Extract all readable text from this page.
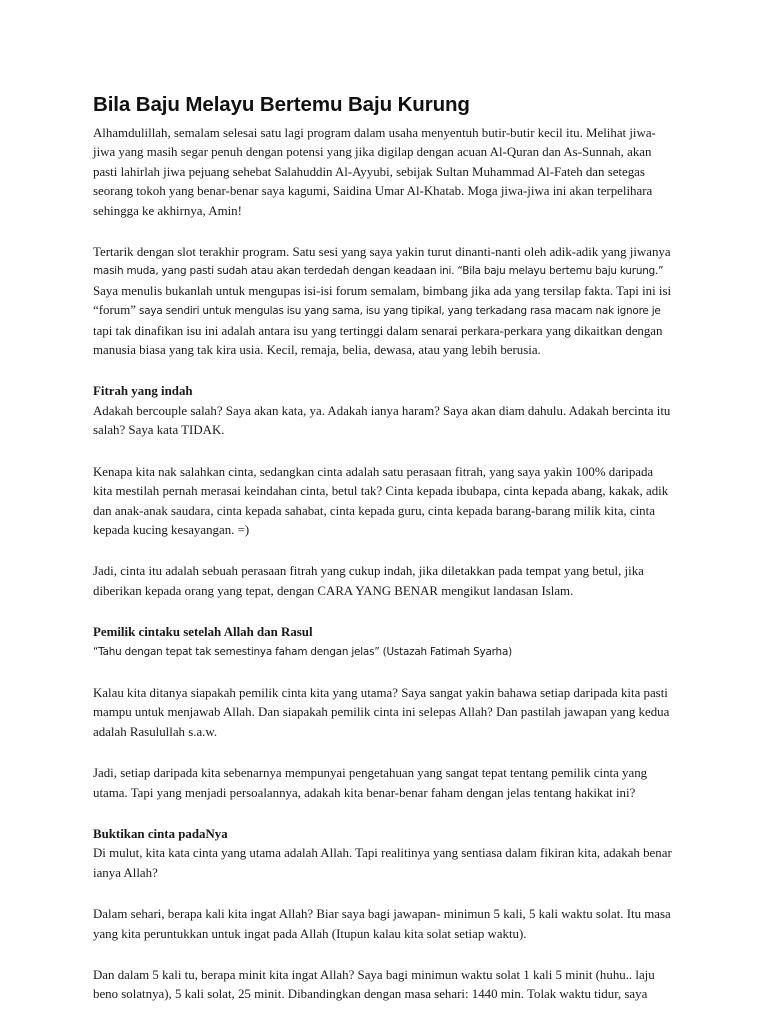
Bila Baju Melayu Bertemu Baju Kurung
Alhamdulillah, semalam selesai satu lagi program dalam usaha menyentuh butir-butir kecil itu. Melihat jiwa-
jiwa yang masih segar penuh dengan potensi yang jika digilap dengan acuan Al-Quran dan As-Sunnah, akan
pasti lahirlah jiwa pejuang sehebat Salahuddin Al-Ayyubi, sebijak Sultan Muhammad Al-Fateh dan setegas
seorang tokoh yang benar-benar saya kagumi, Saidina Umar Al-Khatab. Moga jiwa-jiwa ini akan terpelihara
sehingga ke akhirnya, Amin!
Tertarik dengan slot terakhir program. Satu sesi yang saya yakin turut dinanti-nanti oleh adik-adik yang jiwanya
masih muda, yang pasti sudah atau akan terdedah dengan keadaan ini. “Bila baju melayu bertemu baju kurung.”
Saya menulis bukanlah untuk mengupas isi-isi forum semalam, bimbang jika ada yang tersilap fakta. Tapi ini isi
“forum” saya sendiri untuk mengulas isu yang sama, isu yang tipikal, yang terkadang rasa macam nak ignore je
tapi tak dinafikan isu ini adalah antara isu yang tertinggi dalam senarai perkara-perkara yang dikaitkan dengan
manusia biasa yang tak kira usia. Kecil, remaja, belia, dewasa, atau yang lebih berusia.
Fitrah yang indah
Adakah bercouple salah? Saya akan kata, ya. Adakah ianya haram? Saya akan diam dahulu. Adakah bercinta itu
salah? Saya kata TIDAK.
Kenapa kita nak salahkan cinta, sedangkan cinta adalah satu perasaan fitrah, yang saya yakin 100% daripada
kita mestilah pernah merasai keindahan cinta, betul tak? Cinta kepada ibubapa, cinta kepada abang, kakak, adik
dan anak-anak saudara, cinta kepada sahabat, cinta kepada guru, cinta kepada barang-barang milik kita, cinta
kepada kucing kesayangan. =)
Jadi, cinta itu adalah sebuah perasaan fitrah yang cukup indah, jika diletakkan pada tempat yang betul, jika
diberikan kepada orang yang tepat, dengan CARA YANG BENAR mengikut landasan Islam.
Pemilik cintaku setelah Allah dan Rasul
“Tahu dengan tepat tak semestinya faham dengan jelas” (Ustazah Fatimah Syarha)
Kalau kita ditanya siapakah pemilik cinta kita yang utama? Saya sangat yakin bahawa setiap daripada kita pasti
mampu untuk menjawab Allah. Dan siapakah pemilik cinta ini selepas Allah? Dan pastilah jawapan yang kedua
adalah Rasulullah s.a.w.
Jadi, setiap daripada kita sebenarnya mempunyai pengetahuan yang sangat tepat tentang pemilik cinta yang
utama. Tapi yang menjadi persoalannya, adakah kita benar-benar faham dengan jelas tentang hakikat ini?
Buktikan cinta padaNya
Di mulut, kita kata cinta yang utama adalah Allah. Tapi realitinya yang sentiasa dalam fikiran kita, adakah benar
ianya Allah?
Dalam sehari, berapa kali kita ingat Allah? Biar saya bagi jawapan- minimun 5 kali, 5 kali waktu solat. Itu masa
yang kita peruntukkan untuk ingat pada Allah (Itupun kalau kita solat setiap waktu).
Dan dalam 5 kali tu, berapa minit kita ingat Allah? Saya bagi minimun waktu solat 1 kali 5 minit (huhu.. laju
beno solatnya), 5 kali solat, 25 minit. Dibandingkan dengan masa sehari: 1440 min. Tolak waktu tidur, saya
